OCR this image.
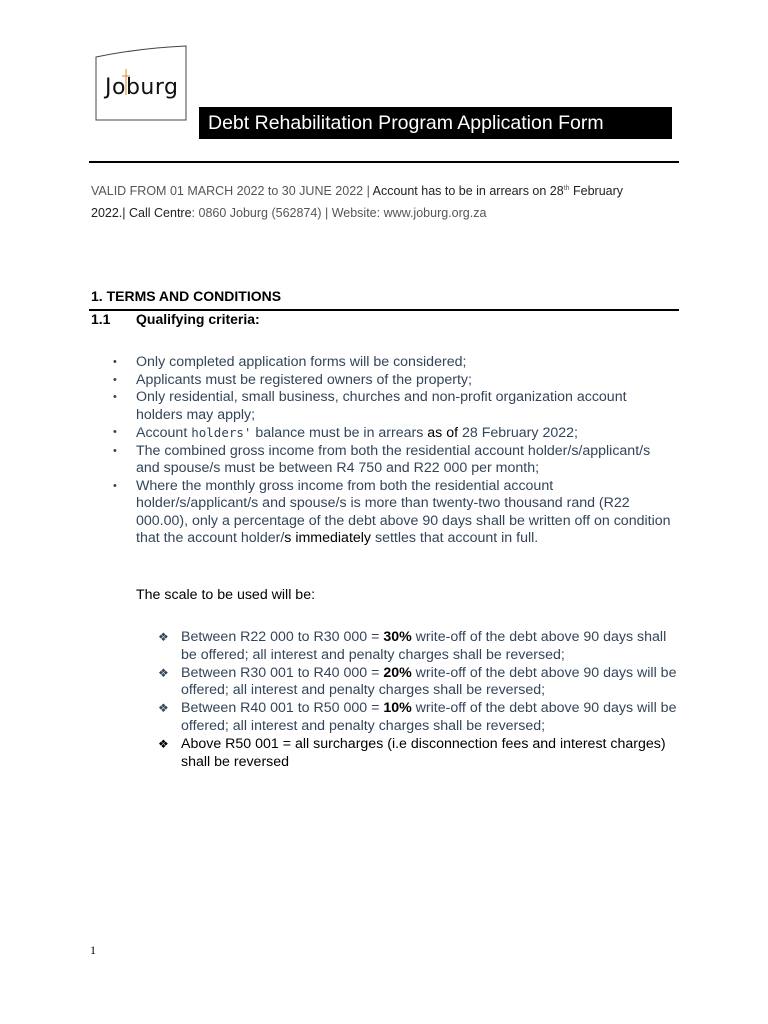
Joburg
Debt Rehabilitation Program Application Form
VALID FROM 01 MARCH 2022 to 30 JUNE 2022 | Account has to be in arrears on 28th February
2022.| Call Centre: 0860 Joburg (562874) | Website: www.joburg.org.za
1. TERMS AND CONDITIONS
1.1 Qualifying criteria:
• Only completed application forms will be considered;
• Applicants must be registered owners of the property;
• Only residential, small business, churches and non-profit organization account holders may apply;
• Account holders' balance must be in arrears as of 28 February 2022;
• The combined gross income from both the residential account holder/s/applicant/s and spouse/s must be between R4 750 and R22 000 per month;
• Where the monthly gross income from both the residential account holder/s/applicant/s and spouse/s is more than twenty-two thousand rand (R22 000.00), only a percentage of the debt above 90 days shall be written off on condition that the account holder/s immediately settles that account in full.
The scale to be used will be:
❖ Between R22 000 to R30 000 = 30% write-off of the debt above 90 days shall be offered; all interest and penalty charges shall be reversed;
❖ Between R30 001 to R40 000 = 20% write-off of the debt above 90 days will be offered; all interest and penalty charges shall be reversed;
❖ Between R40 001 to R50 000 = 10% write-off of the debt above 90 days will be offered; all interest and penalty charges shall be reversed;
❖ Above R50 001 = all surcharges (i.e disconnection fees and interest charges) shall be reversed
1
